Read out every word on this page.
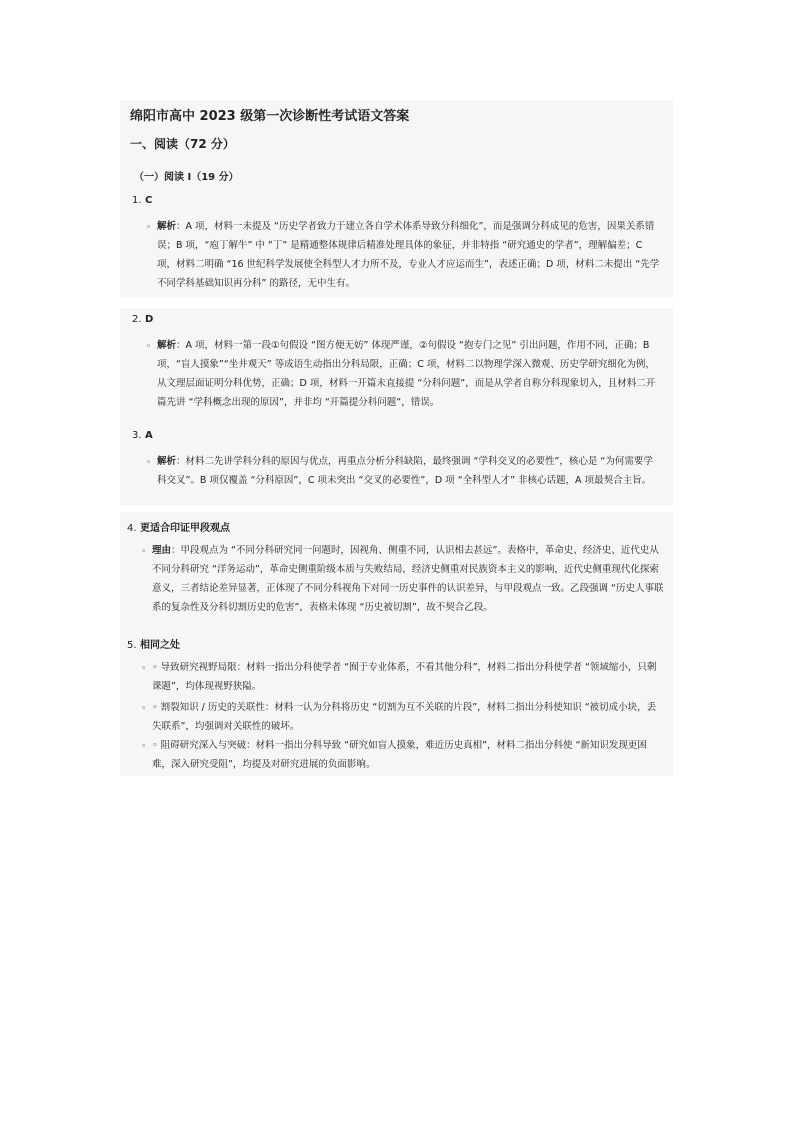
绵阳市高中 2023 级第一次诊断性考试语文答案
一、阅读（72 分）
（一）阅读 I（19 分）
1. C
◦ 解析：A 项，材料一未提及 “历史学者致力于建立各自学术体系导致分科细化”，而是强调分科成见的危害，因果关系错误；B 项，“庖丁解牛” 中 “丁” 是精通整体规律后精准处理具体的象征，并非特指 “研究通史的学者”，理解偏差；C 项，材料二明确 “16 世纪科学发展使全科型人才力所不及，专业人才应运而生”，表述正确；D 项，材料二未提出 “先学不同学科基础知识再分科” 的路径，无中生有。
2. D
◦ 解析：A 项，材料一第一段①句假设 “图方便无妨” 体现严谨，②句假设 “抱专门之见” 引出问题，作用不同，正确；B 项，“盲人摸象”“坐井观天” 等成语生动指出分科局限，正确；C 项，材料二以物理学深入微观、历史学研究细化为例，从文理层面证明分科优势，正确；D 项，材料一开篇未直接提 “分科问题”，而是从学者自称分科现象切入，且材料二开篇先讲 “学科概念出现的原因”，并非均 “开篇提分科问题”，错误。
3. A
◦ 解析：材料二先讲学科分科的原因与优点，再重点分析分科缺陷，最终强调 “学科交叉的必要性”，核心是 “为何需要学科交叉”。B 项仅覆盖 “分科原因”，C 项未突出 “交叉的必要性”，D 项 “全科型人才” 非核心话题，A 项最契合主旨。
4. 更适合印证甲段观点
◦ 理由：甲段观点为 “不同分科研究同一问题时，因视角、侧重不同，认识相去甚远”。表格中，革命史、经济史、近代史从不同分科研究 “洋务运动”，革命史侧重阶级本质与失败结局，经济史侧重对民族资本主义的影响，近代史侧重现代化探索意义，三者结论差异显著，正体现了不同分科视角下对同一历史事件的认识差异，与甲段观点一致。乙段强调 “历史人事联系的复杂性及分科切割历史的危害”，表格未体现 “历史被切割”，故不契合乙段。
5. 相同之处
◦ ◦ 导致研究视野局限：材料一指出分科使学者 “囿于专业体系，不看其他分科”，材料二指出分科使学者 “领域缩小，只剩课题”，均体现视野狭隘。
◦ ◦ 割裂知识 / 历史的关联性：材料一认为分科将历史 “切割为互不关联的片段”，材料二指出分科使知识 “被切成小块，丢失联系”，均强调对关联性的破坏。
◦ ◦ 阻碍研究深入与突破：材料一指出分科导致 “研究如盲人摸象，难近历史真相”，材料二指出分科使 “新知识发现更困难，深入研究受阻”，均提及对研究进展的负面影响。
